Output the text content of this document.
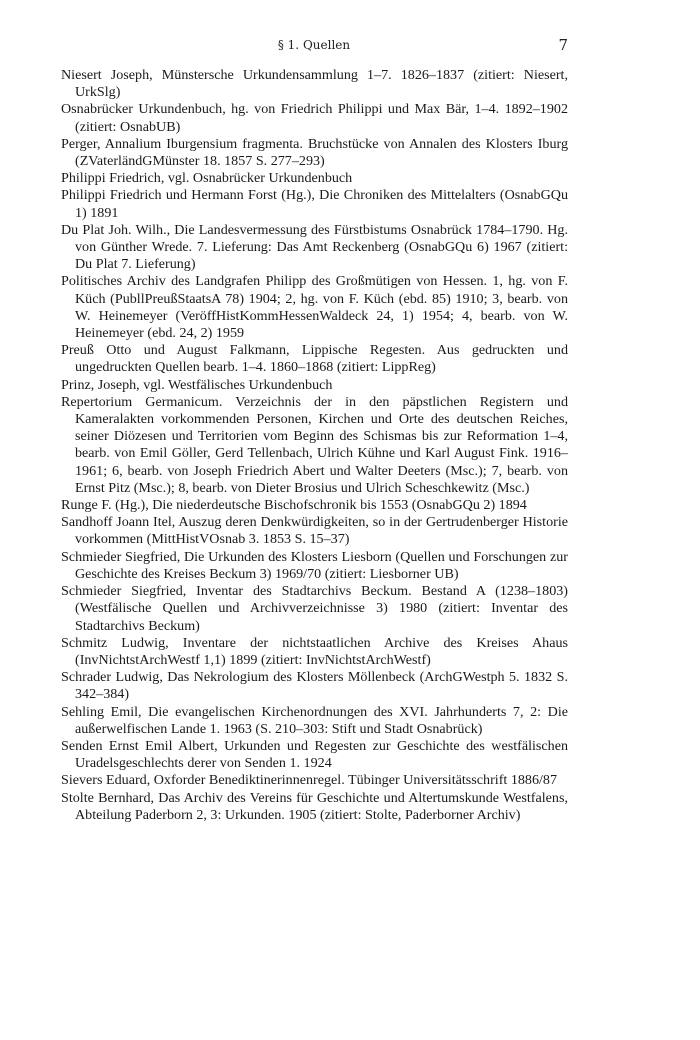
§ 1. Quellen	7

Niesert Joseph, Münstersche Urkundensammlung 1–7. 1826–1837 (zitiert: Niesert, UrkSlg)

Osnabrücker Urkundenbuch, hg. von Friedrich Philippi und Max Bär, 1–4. 1892–1902 (zitiert: OsnabUB)

Perger, Annalium Iburgensium fragmenta. Bruchstücke von Annalen des Klosters Iburg (ZVaterländGMünster 18. 1857 S. 277–293)

Philippi Friedrich, vgl. Osnabrücker Urkundenbuch

Philippi Friedrich und Hermann Forst (Hg.), Die Chroniken des Mittelalters (OsnabGQu 1) 1891

Du Plat Joh. Wilh., Die Landesvermessung des Fürstbistums Osnabrück 1784–1790. Hg. von Günther Wrede. 7. Lieferung: Das Amt Reckenberg (OsnabGQu 6) 1967 (zitiert: Du Plat 7. Lieferung)

Politisches Archiv des Landgrafen Philipp des Großmütigen von Hessen. 1, hg. von F. Küch (PubllPreußStaatsA 78) 1904; 2, hg. von F. Küch (ebd. 85) 1910; 3, bearb. von W. Heinemeyer (VeröffHistKommHessenWaldeck 24, 1) 1954; 4, bearb. von W. Heinemeyer (ebd. 24, 2) 1959

Preuß Otto und August Falkmann, Lippische Regesten. Aus gedruckten und ungedruckten Quellen bearb. 1–4. 1860–1868 (zitiert: LippReg)

Prinz, Joseph, vgl. Westfälisches Urkundenbuch

Repertorium Germanicum. Verzeichnis der in den päpstlichen Registern und Kameralakten vorkommenden Personen, Kirchen und Orte des deutschen Reiches, seiner Diözesen und Territorien vom Beginn des Schismas bis zur Reformation 1–4, bearb. von Emil Göller, Gerd Tellenbach, Ulrich Kühne und Karl August Fink. 1916–1961; 6, bearb. von Joseph Friedrich Abert und Walter Deeters (Msc.); 7, bearb. von Ernst Pitz (Msc.); 8, bearb. von Dieter Brosius und Ulrich Scheschkewitz (Msc.)

Runge F. (Hg.), Die niederdeutsche Bischofschronik bis 1553 (OsnabGQu 2) 1894

Sandhoff Joann Itel, Auszug deren Denkwürdigkeiten, so in der Gertrudenberger Historie vorkommen (MittHistVOsnab 3. 1853 S. 15–37)

Schmieder Siegfried, Die Urkunden des Klosters Liesborn (Quellen und Forschungen zur Geschichte des Kreises Beckum 3) 1969/70 (zitiert: Liesborner UB)

Schmieder Siegfried, Inventar des Stadtarchivs Beckum. Bestand A (1238–1803) (Westfälische Quellen und Archivverzeichnisse 3) 1980 (zitiert: Inventar des Stadtarchivs Beckum)

Schmitz Ludwig, Inventare der nichtstaatlichen Archive des Kreises Ahaus (InvNichtstArchWestf 1,1) 1899 (zitiert: InvNichtstArchWestf)

Schrader Ludwig, Das Nekrologium des Klosters Möllenbeck (ArchGWestph 5. 1832 S. 342–384)

Sehling Emil, Die evangelischen Kirchenordnungen des XVI. Jahrhunderts 7, 2: Die außerwelfischen Lande 1. 1963 (S. 210–303: Stift und Stadt Osnabrück)

Senden Ernst Emil Albert, Urkunden und Regesten zur Geschichte des westfälischen Uradelsgeschlechts derer von Senden 1. 1924

Sievers Eduard, Oxforder Benediktinerinnenregel. Tübinger Universitätsschrift 1886/87

Stolte Bernhard, Das Archiv des Vereins für Geschichte und Altertumskunde Westfalens, Abteilung Paderborn 2, 3: Urkunden. 1905 (zitiert: Stolte, Paderborner Archiv)
